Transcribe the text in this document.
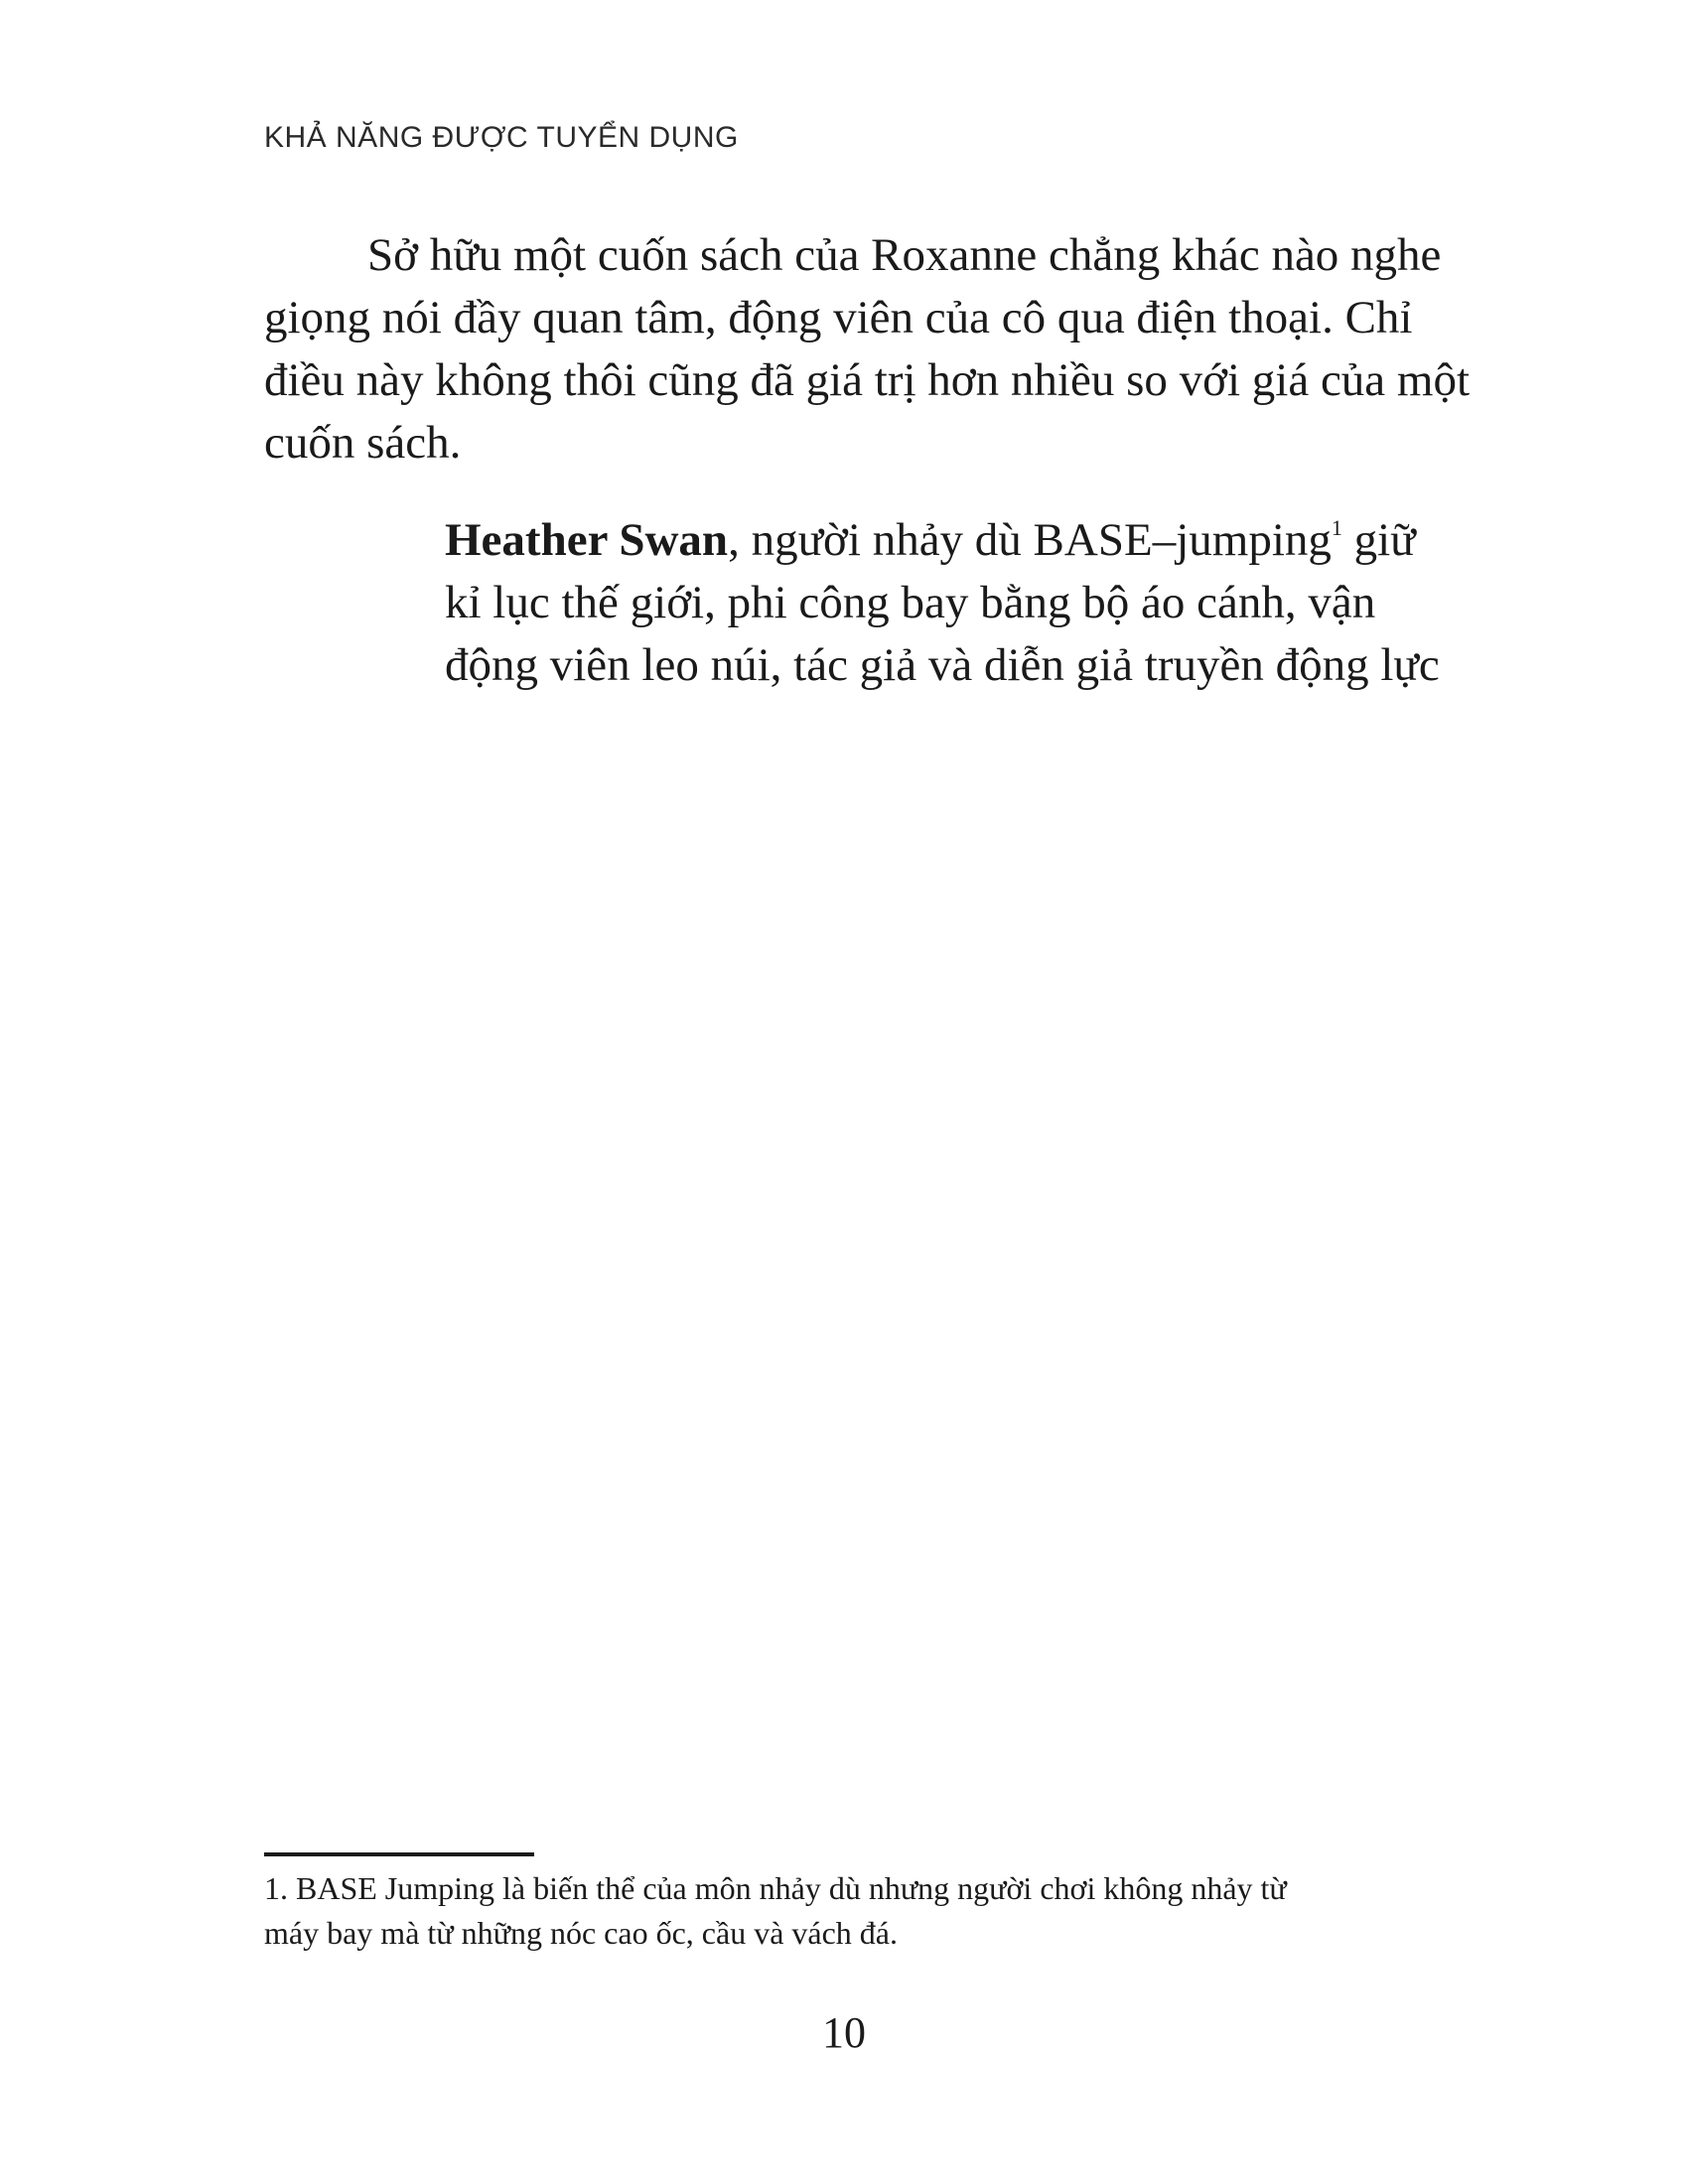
KHẢ NĂNG ĐƯỢC TUYỂN DỤNG

Sở hữu một cuốn sách của Roxanne chẳng khác nào nghe
giọng nói đầy quan tâm, động viên của cô qua điện thoại. Chỉ
điều này không thôi cũng đã giá trị hơn nhiều so với giá của một
cuốn sách.

Heather Swan, người nhảy dù BASE–jumping$^1$ giữ
kỉ lục thế giới, phi công bay bằng bộ áo cánh, vận
động viên leo núi, tác giả và diễn giả truyền động lực

1. BASE Jumping là biến thể của môn nhảy dù nhưng người chơi không nhảy từ
máy bay mà từ những nóc cao ốc, cầu và vách đá.

10
